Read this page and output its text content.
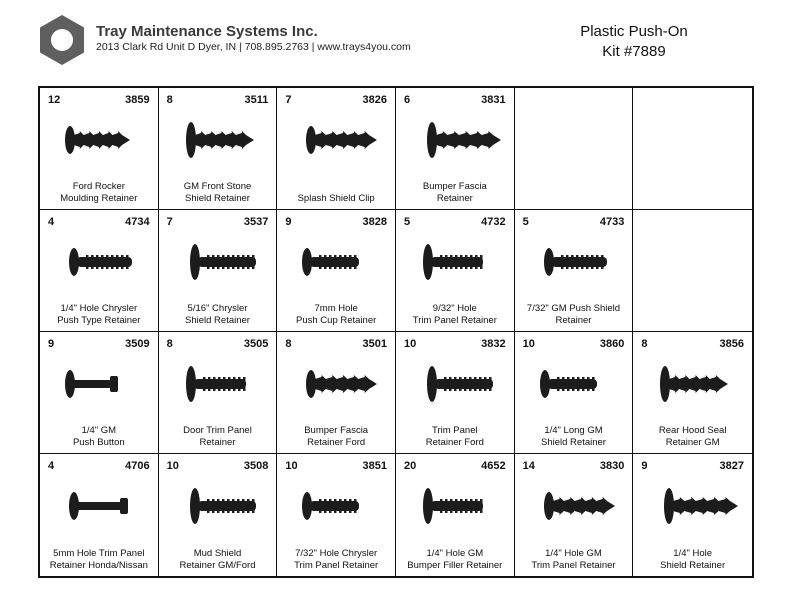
Tray Maintenance Systems Inc.
2013 Clark Rd Unit D Dyer, IN | 708.895.2763 | www.trays4you.com
Plastic Push-On
Kit #7889
12	3859
Ford Rocker
Moulding Retainer
8	3511
GM Front Stone
Shield Retainer
7	3826
Splash Shield Clip
6	3831
Bumper Fascia
Retainer
4	4734
1/4" Hole Chrysler
Push Type Retainer
7	3537
5/16" Chrysler
Shield Retainer
9	3828
7mm Hole
Push Cup Retainer
5	4732
9/32" Hole
Trim Panel Retainer
5	4733
7/32" GM Push Shield
Retainer
9	3509
1/4" GM
Push Button
8	3505
Door Trim Panel
Retainer
8	3501
Bumper Fascia
Retainer Ford
10	3832
Trim Panel
Retainer Ford
10	3860
1/4" Long GM
Shield Retainer
8	3856
Rear Hood Seal
Retainer GM
4	4706
5mm Hole Trim Panel
Retainer Honda/Nissan
10	3508
Mud Shield
Retainer GM/Ford
10	3851
7/32" Hole Chrysler
Trim Panel Retainer
20	4652
1/4" Hole GM
Bumper Filler Retainer
14	3830
1/4" Hole GM
Trim Panel Retainer
9	3827
1/4" Hole
Shield Retainer
